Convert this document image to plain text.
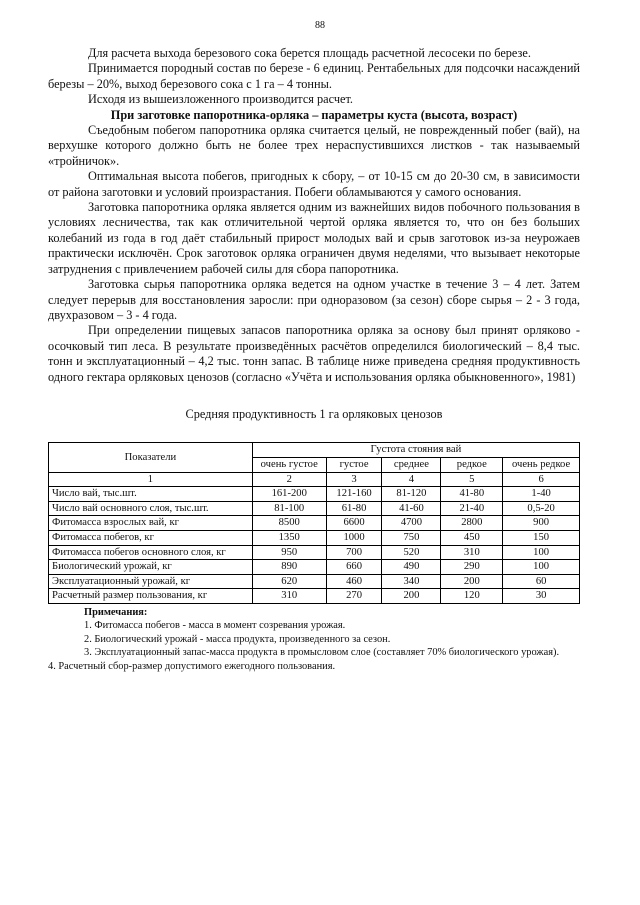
88

Для расчета выхода березового сока берется площадь расчетной лесосеки по березе.

Принимается породный состав по березе - 6 единиц. Рентабельных для подсочки насаждений березы – 20%, выход березового сока с 1 га – 4 тонны.

Исходя из вышеизложенного производится расчет.

При заготовке папоротника-орляка – параметры куста (высота, возраст)

Съедобным побегом папоротника орляка считается целый, не поврежденный побег (вай), на верхушке которого должно быть не более трех нераспустившихся листков - так называемый «тройничок».

Оптимальная высота побегов, пригодных к сбору, – от 10-15 см до 20-30 см, в зависимости от района заготовки и условий произрастания. Побеги обламываются у самого основания.

Заготовка папоротника орляка является одним из важнейших видов побочного пользования в условиях лесничества, так как отличительной чертой орляка является то, что он без больших колебаний из года в год даёт стабильный прирост молодых вай и срыв заготовок из-за неурожаев практически исключён. Срок заготовок орляка ограничен двумя неделями, что вызывает некоторые затруднения с привлечением рабочей силы для сбора папоротника.

Заготовка сырья папоротника орляка ведется на одном участке в течение 3 – 4 лет. Затем следует перерыв для восстановления заросли: при одноразовом (за сезон) сборе сырья – 2 - 3 года, двухразовом – 3 - 4 года.

При определении пищевых запасов папоротника орляка за основу был принят орляково - осочковый тип леса. В результате произведённых расчётов определился биологический – 8,4 тыс. тонн и эксплуатационный – 4,2 тыс. тонн запас. В таблице ниже приведена средняя продуктивность одного гектара орляковых ценозов (согласно «Учёта и использования орляка обыкновенного», 1981)

Средняя продуктивность 1 га орляковых ценозов
Показатели	Густота стояния вай				
	очень густое	густое	среднее	редкое	очень редкое
1	2	3	4	5	6
Число вай, тыс.шт.	161-200	121-160	81-120	41-80	1-40
Число вай основного слоя, тыс.шт.	81-100	61-80	41-60	21-40	0,5-20
Фитомасса взрослых вай, кг	8500	6600	4700	2800	900
Фитомасса побегов, кг	1350	1000	750	450	150
Фитомасса побегов основного слоя, кг	950	700	520	310	100
Биологический урожай, кг	890	660	490	290	100
Эксплуатационный урожай, кг	620	460	340	200	60
Расчетный размер пользования, кг	310	270	200	120	30
Примечания:
1. Фитомасса побегов - масса в момент созревания урожая.
2. Биологический урожай - масса продукта, произведенного за сезон.
3. Эксплуатационный запас-масса продукта в промысловом слое (составляет 70% биологического урожая).
4. Расчетный сбор-размер допустимого ежегодного пользования.
